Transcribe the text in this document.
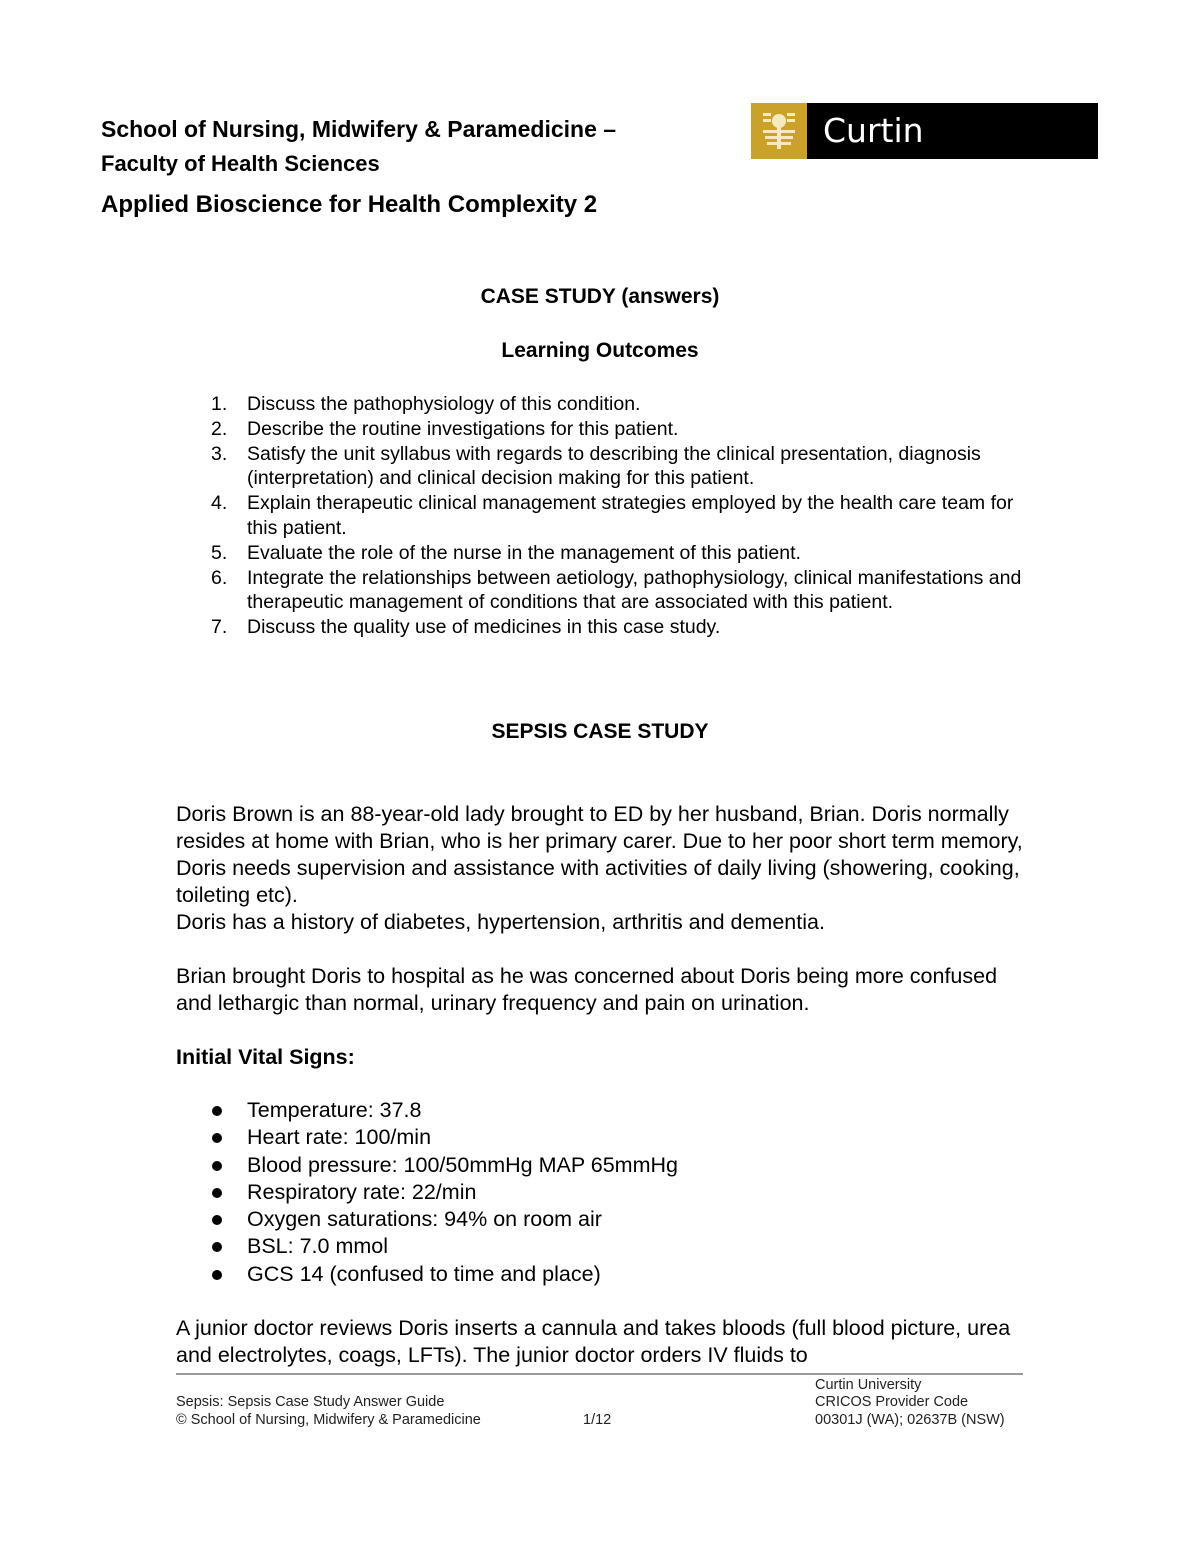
School of Nursing, Midwifery & Paramedicine –
Faculty of Health Sciences
Applied Bioscience for Health Complexity 2
Curtin University
CASE STUDY (answers)
Learning Outcomes
1. Discuss the pathophysiology of this condition.
2. Describe the routine investigations for this patient.
3. Satisfy the unit syllabus with regards to describing the clinical presentation, diagnosis (interpretation) and clinical decision making for this patient.
4. Explain therapeutic clinical management strategies employed by the health care team for this patient.
5. Evaluate the role of the nurse in the management of this patient.
6. Integrate the relationships between aetiology, pathophysiology, clinical manifestations and therapeutic management of conditions that are associated with this patient.
7. Discuss the quality use of medicines in this case study.
SEPSIS CASE STUDY
Doris Brown is an 88-year-old lady brought to ED by her husband, Brian. Doris normally resides at home with Brian, who is her primary carer. Due to her poor short term memory, Doris needs supervision and assistance with activities of daily living (showering, cooking, toileting etc).
Doris has a history of diabetes, hypertension, arthritis and dementia.
Brian brought Doris to hospital as he was concerned about Doris being more confused and lethargic than normal, urinary frequency and pain on urination.
Initial Vital Signs:
Temperature: 37.8
Heart rate: 100/min
Blood pressure: 100/50mmHg MAP 65mmHg
Respiratory rate: 22/min
Oxygen saturations: 94% on room air
BSL: 7.0 mmol
GCS 14 (confused to time and place)
A junior doctor reviews Doris inserts a cannula and takes bloods (full blood picture, urea and electrolytes, coags, LFTs). The junior doctor orders IV fluids to
Sepsis: Sepsis Case Study Answer Guide
© School of Nursing, Midwifery & Paramedicine	1/12
Curtin University
CRICOS Provider Code
00301J (WA); 02637B (NSW)
